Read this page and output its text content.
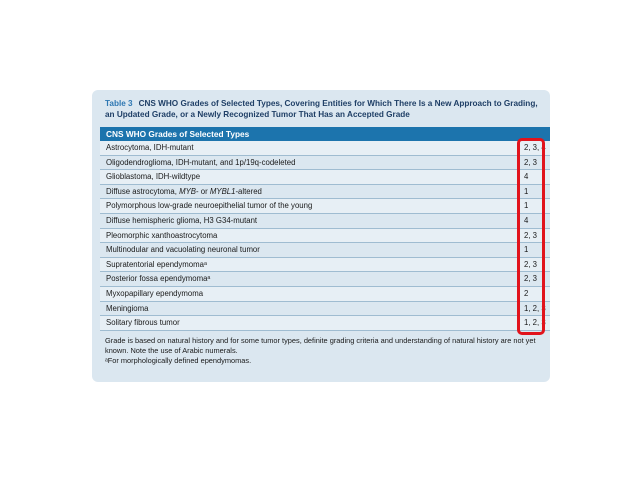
Table 3 CNS WHO Grades of Selected Types, Covering Entities for Which There Is a New Approach to Grading, an Updated Grade, or a Newly Recognized Tumor That Has an Accepted Grade
CNS WHO Grades of Selected Types
Astrocytoma, IDH-mutant	2, 3, 4
Oligodendroglioma, IDH-mutant, and 1p/19q-codeleted	2, 3
Glioblastoma, IDH-wildtype	4
Diffuse astrocytoma, MYB- or MYBL1-altered	1
Polymorphous low-grade neuroepithelial tumor of the young	1
Diffuse hemispheric glioma, H3 G34-mutant	4
Pleomorphic xanthoastrocytoma	2, 3
Multinodular and vacuolating neuronal tumor	1
Supratentorial ependymomaᵃ	2, 3
Posterior fossa ependymomaᵃ	2, 3
Myxopapillary ependymoma	2
Meningioma	1, 2, 3
Solitary fibrous tumor	1, 2, 3
Grade is based on natural history and for some tumor types, definite grading criteria and understanding of natural history are not yet known. Note the use of Arabic numerals.
ᵃFor morphologically defined ependymomas.
